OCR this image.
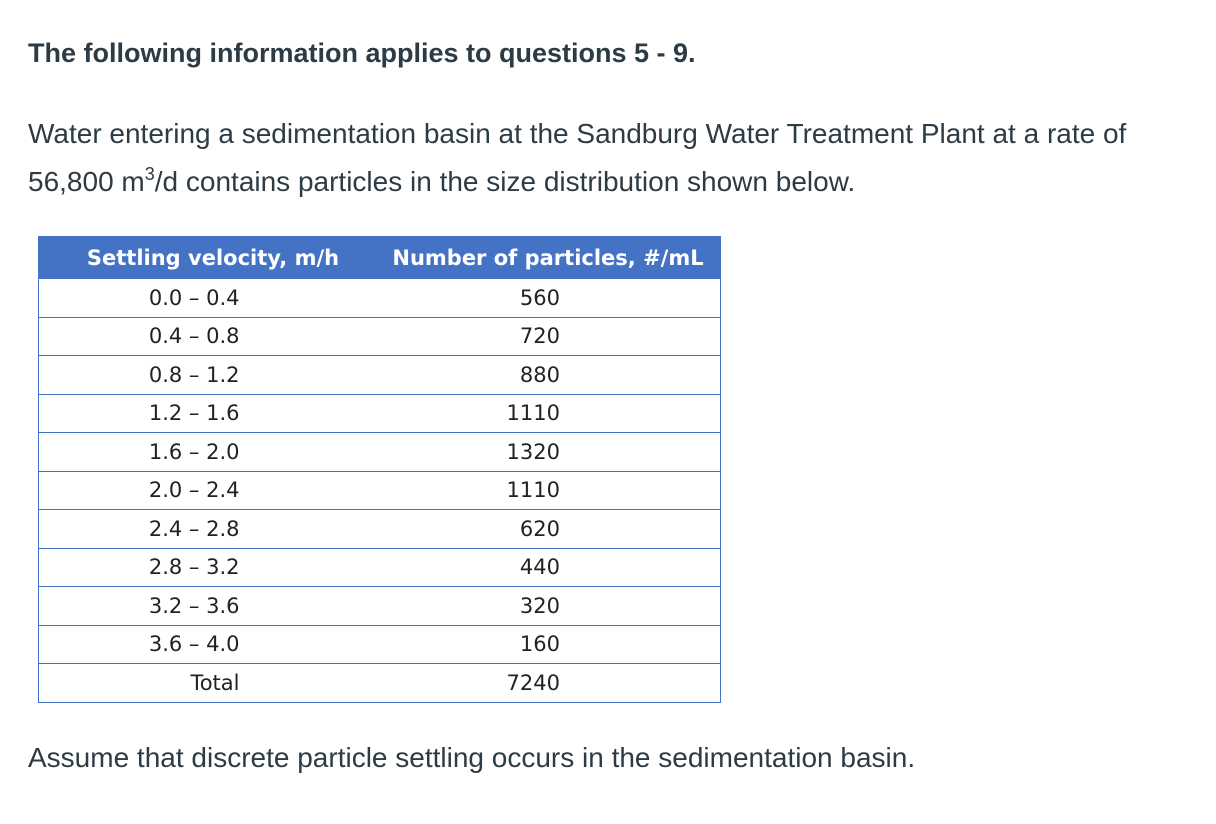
The following information applies to questions 5 - 9.
Water entering a sedimentation basin at the Sandburg Water Treatment Plant at a rate of 56,800 $m^3/d$ contains particles in the size distribution shown below.
Settling velocity, m/h	Number of particles, #/mL
0.0 – 0.4	560
0.4 – 0.8	720
0.8 – 1.2	880
1.2 – 1.6	1110
1.6 – 2.0	1320
2.0 – 2.4	1110
2.4 – 2.8	620
2.8 – 3.2	440
3.2 – 3.6	320
3.6 – 4.0	160
Total	7240
Assume that discrete particle settling occurs in the sedimentation basin.
